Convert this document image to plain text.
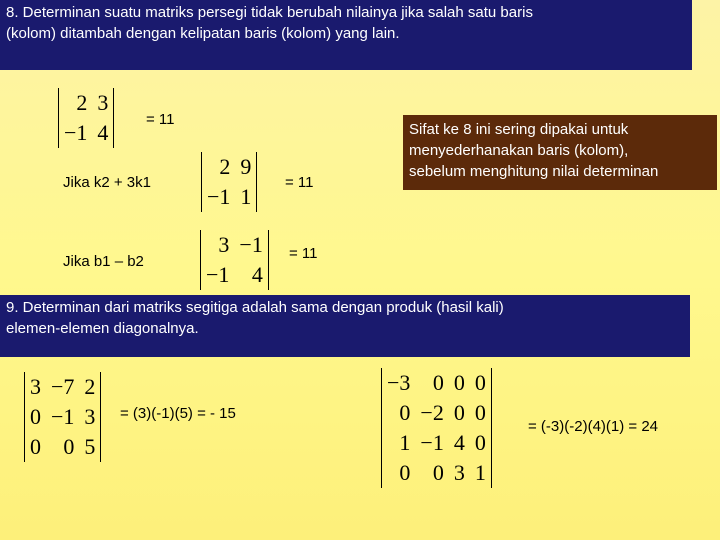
8. Determinan suatu matriks persegi tidak berubah nilainya jika salah satu baris
(kolom) ditambah dengan kelipatan baris (kolom) yang lain.
2	3
−1	4
= 11
Jika k2 + 3k1
2	9
−1	1
= 11
Jika b1 – b2
3	−1
−1	4
= 11
Sifat ke 8 ini sering dipakai untuk
menyederhanakan baris (kolom),
sebelum menghitung nilai determinan
9. Determinan dari matriks segitiga adalah sama dengan produk (hasil kali)
elemen-elemen diagonalnya.
3	−7	2
0	−1	3
0	0	5
= (3)(-1)(5) = - 15
−3	0	0	0
0	−2	0	0
1	−1	4	0
0	0	3	1
= (-3)(-2)(4)(1) = 24
